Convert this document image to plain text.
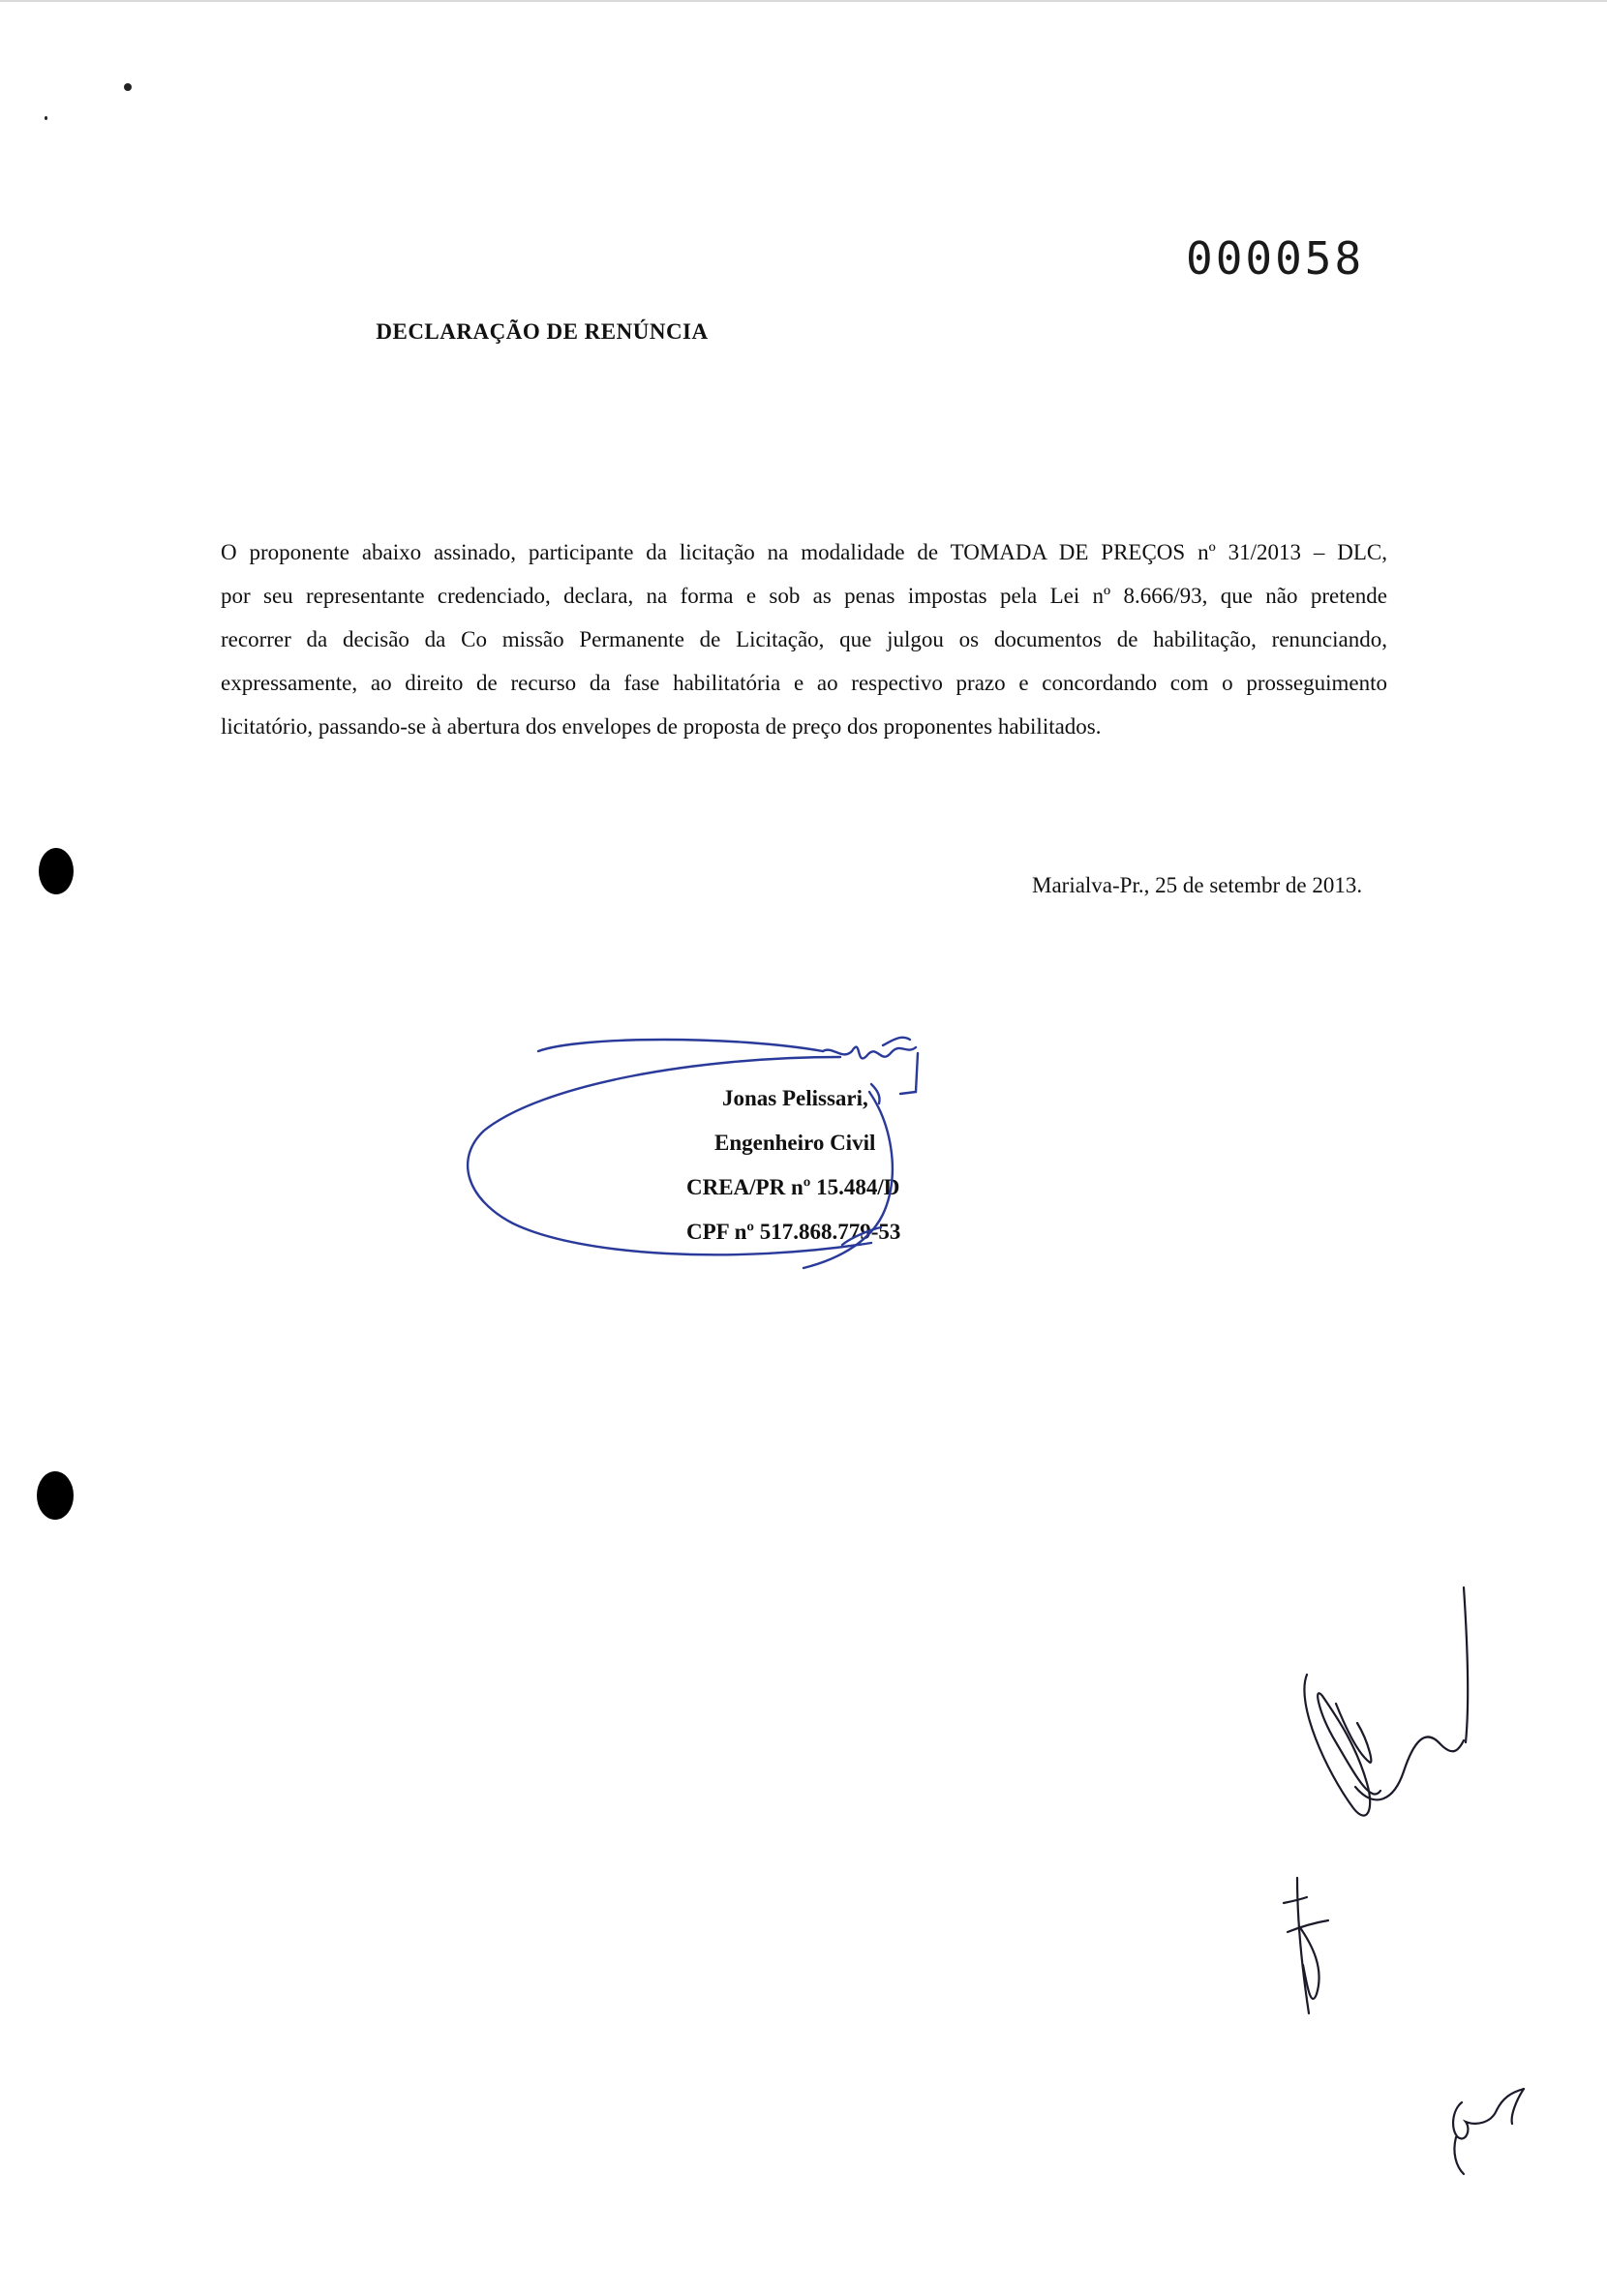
000058
DECLARAÇÃO DE RENÚNCIA
O proponente abaixo assinado, participante da licitação na modalidade de TOMADA DE PREÇOS nº 31/2013 – DLC,
por seu representante credenciado, declara, na forma e sob as penas impostas pela Lei nº 8.666/93, que não pretende
recorrer da decisão da Co missão Permanente de Licitação, que julgou os documentos de habilitação, renunciando,
expressamente, ao direito de recurso da fase habilitatória e ao respectivo prazo e concordando com o prosseguimento
licitatório, passando-se à abertura dos envelopes de proposta de preço dos proponentes habilitados.
Marialva-Pr., 25 de setembr de 2013.
Jonas Pelissari,
Engenheiro Civil
CREA/PR nº 15.484/D
CPF nº 517.868.779-53
